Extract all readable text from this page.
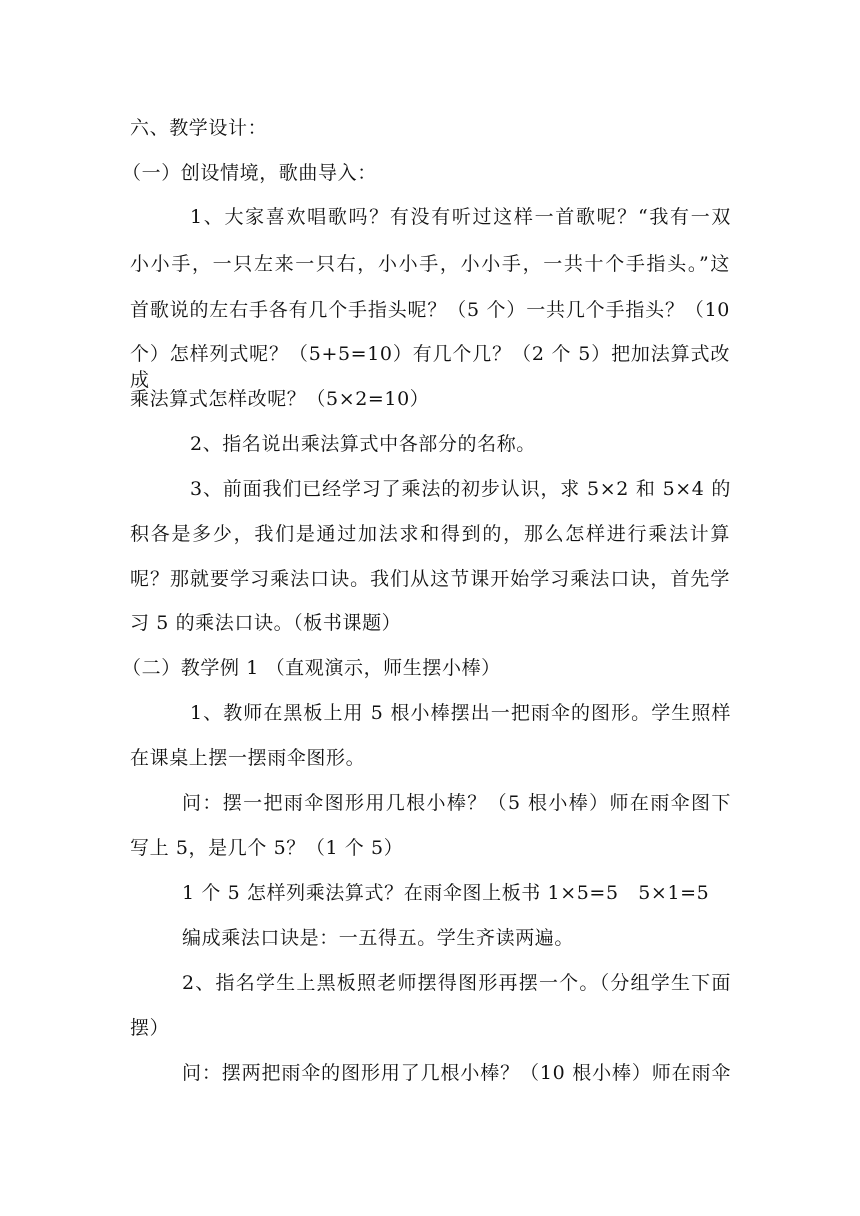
六、教学设计：
（一）创设情境，歌曲导入：
1、大家喜欢唱歌吗？有没有听过这样一首歌呢？“我有一双
小小手，一只左来一只右，小小手，小小手，一共十个手指头。”这
首歌说的左右手各有几个手指头呢？（5 个）一共几个手指头？（10
个）怎样列式呢？（5+5=10）有几个几？（2 个 5）把加法算式改成
乘法算式怎样改呢？（5×2=10）
2、指名说出乘法算式中各部分的名称。
3、前面我们已经学习了乘法的初步认识，求 5×2 和 5×4 的
积各是多少，我们是通过加法求和得到的，那么怎样进行乘法计算
呢？那就要学习乘法口诀。我们从这节课开始学习乘法口诀，首先学
习 5 的乘法口诀。（板书课题）
（二）教学例 1 （直观演示，师生摆小棒）
1、教师在黑板上用 5 根小棒摆出一把雨伞的图形。学生照样
在课桌上摆一摆雨伞图形。
问：摆一把雨伞图形用几根小棒？（5 根小棒）师在雨伞图下
写上 5，是几个 5？（1 个 5）
1 个 5 怎样列乘法算式？在雨伞图上板书 1×5=5　5×1=5
编成乘法口诀是：一五得五。学生齐读两遍。
2、指名学生上黑板照老师摆得图形再摆一个。（分组学生下面
摆）
问：摆两把雨伞的图形用了几根小棒？（10 根小棒）师在雨伞
